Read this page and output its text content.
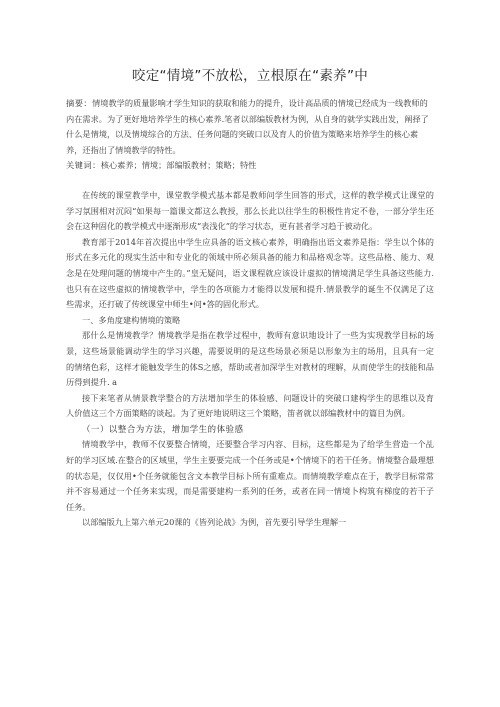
咬定“情境”不放松，立根原在“素养”中

摘要：情境教学的质量影响才学生知识的获取和能力的提升，设计高品质的情境已经成为一线教师的内在需求。为了更好地培养学生的核心素养.笔者以部编版教材为例，从自身的就学实践出发，阐择了什么是情境，以及情境综合的方法、任务问题的突破口以及育人的价值为策略来培养学生的核心素养，还指出了情境教学的特性。

关键词：核心素养；情境；部编版教材；策略；特性

在传统的课堂教学中，课堂教学模式基本都是教师问学生回答的形式，这样的教学模式让课堂的学习氛围相对沉闷“如果每一篇课文都这么教授，那么长此以往学生的积极性肯定不卷，一部分学生还会在这种固化的教学模式中逐渐形成“表浅化”的学习状态，更有甚者学习趋于被动化。

教育部于2014年首次提出中学生应具备的语文核心素养，明确指出语文素养是指：学生以个体的形式在多元化的现实生活中和专业化的领域中所必须具备的能力和品格观念等。这些品格、能力、观念是在处理问题的情境中产生的。”皇无疑问，语文课程就应该设计虚拟的情境满足学生具备这些能力.也只有在这些虚拟的情境教学中，学生的各项能力才能得以发展和提升.情景教学的诞生不仅满足了这些需求，还打破了传统课堂中师生•问•答的固化形式。

一、多角度建构情境的策略

那什么是情境教学？情境教学是指在教学过程中，教师有意识地设计了一些为实现教学目标的场景，这些场景能调动学生的学习兴趣，需要说明的是这些场景必须是以形象为主的场用，且具有一定的情绪色彩，这样才能触发学生的体S之感，帮助或者加深学生对教材的理解，从而使学生的技能和品历得到提升. a

接下来笔者从情景教学整合的方法增加学生的体验感、问题设计的突破口建构学生的思维以及育人价值这三个方面策略的谈起。为了更好地说明这三个策略，笛者就以部编教材中的篇目为例。

（一）以整合为方法，增加学生的体验感

情境教学中，教师不仅要整合情境，还要整合学习内容、目标，这些都是为了给学生营造一个乩好的学习区域.在整合的区域里，学生主要要完成一个任务或是•个情境下的若干任务。情境整合最理想的状态是，仅仅用•个任务就能包含文本教学目标卜所有重难点。而情境教学难点在于，教学目标常常并不容易通过一个任务来实现，而是需要建构一系列的任务，或者在同一情境卜构筑有梯度的若干子任务。

以部编版九上第六单元20课的《皆列论战》为例，首先要引导学生理解一
